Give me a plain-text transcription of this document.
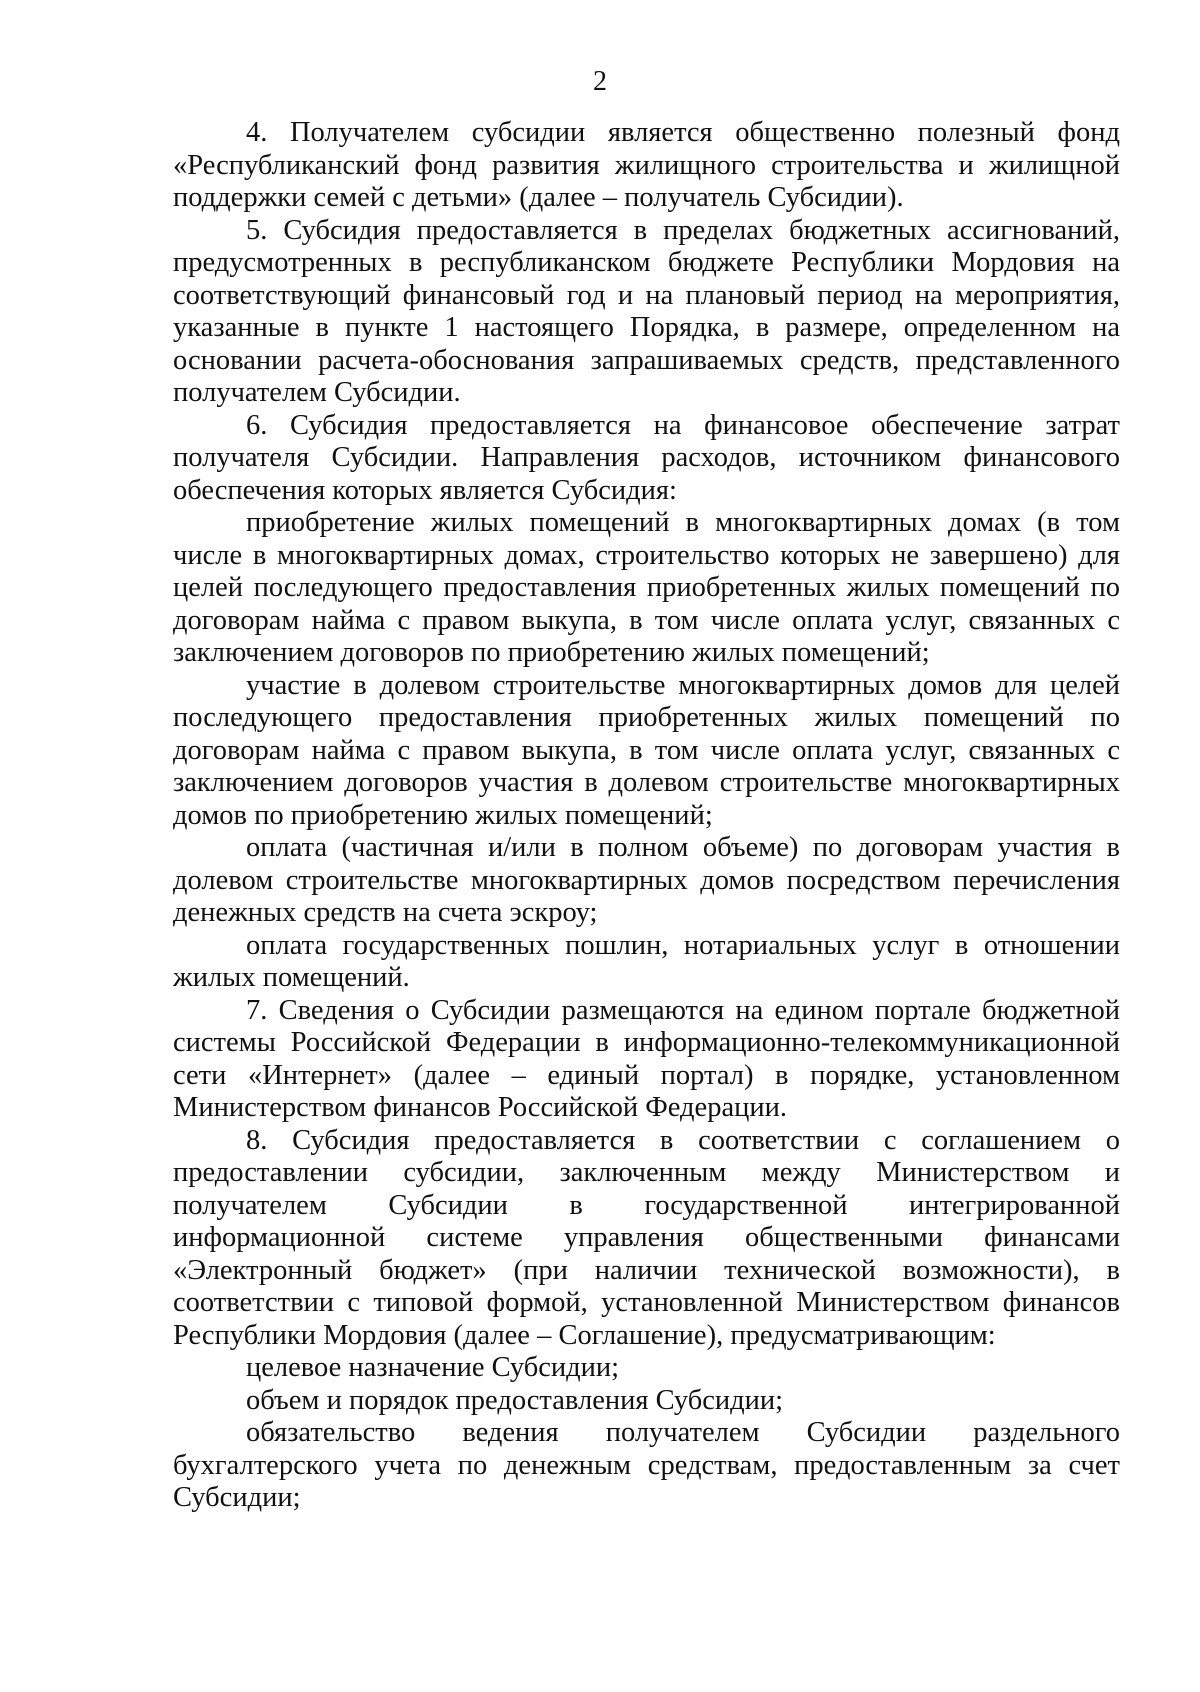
2

4. Получателем субсидии является общественно полезный фонд «Республиканский фонд развития жилищного строительства и жилищной поддержки семей с детьми» (далее – получатель Субсидии).

5. Субсидия предоставляется в пределах бюджетных ассигнований, предусмотренных в республиканском бюджете Республики Мордовия на соответствующий финансовый год и на плановый период на мероприятия, указанные в пункте 1 настоящего Порядка, в размере, определенном на основании расчета-обоснования запрашиваемых средств, представленного получателем Субсидии.

6. Субсидия предоставляется на финансовое обеспечение затрат получателя Субсидии. Направления расходов, источником финансового обеспечения которых является Субсидия:

приобретение жилых помещений в многоквартирных домах (в том числе в многоквартирных домах, строительство которых не завершено) для целей последующего предоставления приобретенных жилых помещений по договорам найма с правом выкупа, в том числе оплата услуг, связанных с заключением договоров по приобретению жилых помещений;

участие в долевом строительстве многоквартирных домов для целей последующего предоставления приобретенных жилых помещений по договорам найма с правом выкупа, в том числе оплата услуг, связанных с заключением договоров участия в долевом строительстве многоквартирных домов по приобретению жилых помещений;

оплата (частичная и/или в полном объеме) по договорам участия в долевом строительстве многоквартирных домов посредством перечисления денежных средств на счета эскроу;

оплата государственных пошлин, нотариальных услуг в отношении жилых помещений.

7. Сведения о Субсидии размещаются на едином портале бюджетной системы Российской Федерации в информационно-телекоммуникационной сети «Интернет» (далее – единый портал) в порядке, установленном Министерством финансов Российской Федерации.

8. Субсидия предоставляется в соответствии с соглашением о предоставлении субсидии, заключенным между Министерством и получателем Субсидии в государственной интегрированной информационной системе управления общественными финансами «Электронный бюджет» (при наличии технической возможности), в соответствии с типовой формой, установленной Министерством финансов Республики Мордовия (далее – Соглашение), предусматривающим:

целевое назначение Субсидии;

объем и порядок предоставления Субсидии;

обязательство ведения получателем Субсидии раздельного бухгалтерского учета по денежным средствам, предоставленным за счет Субсидии;
